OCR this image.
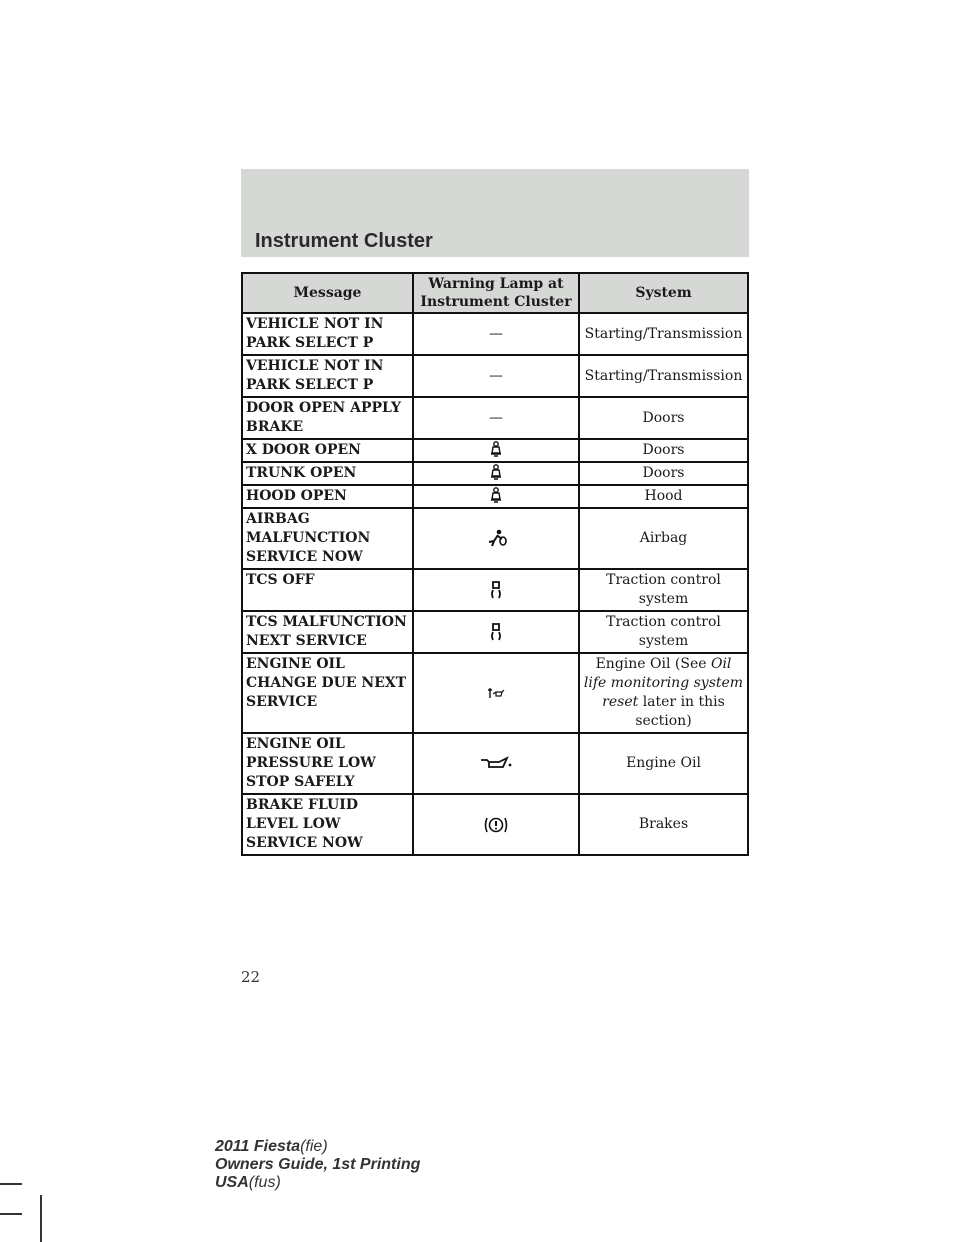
Instrument Cluster
Message	Warning Lamp at Instrument Cluster	System
VEHICLE NOT IN PARK SELECT P	—	Starting/Transmission
VEHICLE NOT IN PARK SELECT P	—	Starting/Transmission
DOOR OPEN APPLY BRAKE	—	Doors
X DOOR OPEN		Doors
TRUNK OPEN		Doors
HOOD OPEN		Hood
AIRBAG MALFUNCTION SERVICE NOW		Airbag
TCS OFF		Traction control system
TCS MALFUNCTION NEXT SERVICE		Traction control system
ENGINE OIL CHANGE DUE NEXT SERVICE		Engine Oil (See Oil life monitoring system reset later in this section)
ENGINE OIL PRESSURE LOW STOP SAFELY		Engine Oil
BRAKE FLUID LEVEL LOW SERVICE NOW		Brakes
22
2011 Fiesta(fie)
Owners Guide, 1st Printing
USA(fus)
